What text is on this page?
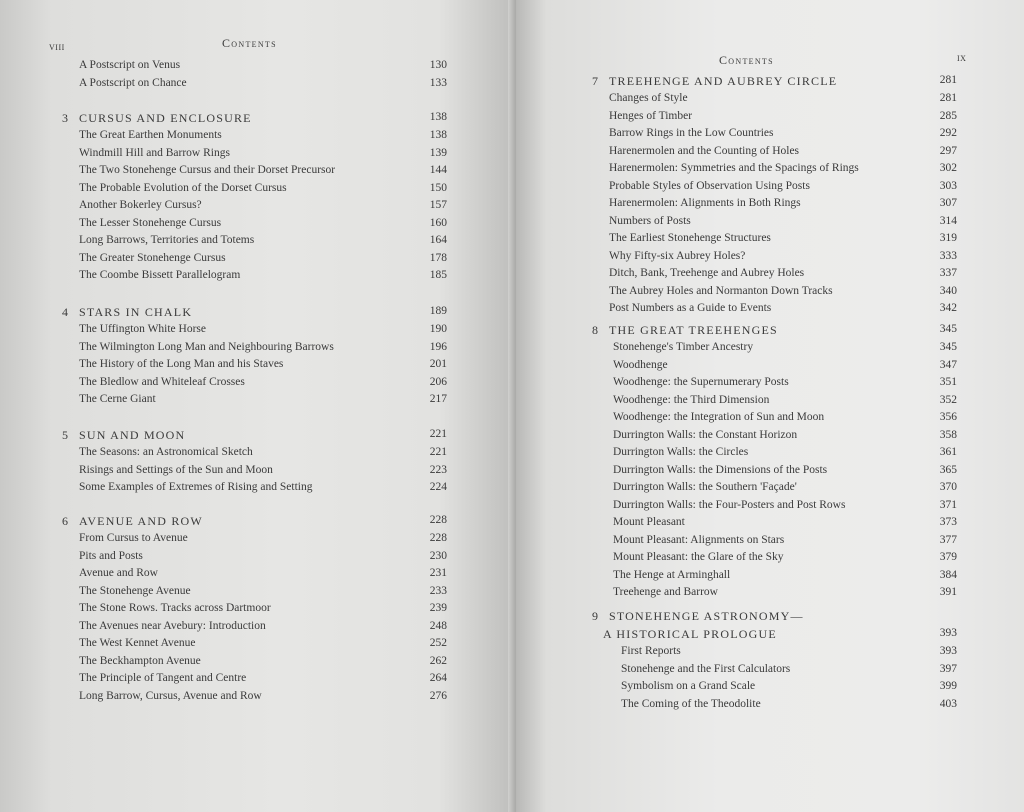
viii	Contents
A Postscript on Venus	130
A Postscript on Chance	133
3 CURSUS AND ENCLOSURE	138
The Great Earthen Monuments	138
Windmill Hill and Barrow Rings	139
The Two Stonehenge Cursus and their Dorset Precursor	144
The Probable Evolution of the Dorset Cursus	150
Another Bokerley Cursus?	157
The Lesser Stonehenge Cursus	160
Long Barrows, Territories and Totems	164
The Greater Stonehenge Cursus	178
The Coombe Bissett Parallelogram	185
4 STARS IN CHALK	189
The Uffington White Horse	190
The Wilmington Long Man and Neighbouring Barrows	196
The History of the Long Man and his Staves	201
The Bledlow and Whiteleaf Crosses	206
The Cerne Giant	217
5 SUN AND MOON	221
The Seasons: an Astronomical Sketch	221
Risings and Settings of the Sun and Moon	223
Some Examples of Extremes of Rising and Setting	224
6 AVENUE AND ROW	228
From Cursus to Avenue	228
Pits and Posts	230
Avenue and Row	231
The Stonehenge Avenue	233
The Stone Rows. Tracks across Dartmoor	239
The Avenues near Avebury: Introduction	248
The West Kennet Avenue	252
The Beckhampton Avenue	262
The Principle of Tangent and Centre	264
Long Barrow, Cursus, Avenue and Row	276
Contents	ix
7 TREEHENGE AND AUBREY CIRCLE	281
Changes of Style	281
Henges of Timber	285
Barrow Rings in the Low Countries	292
Harenermolen and the Counting of Holes	297
Harenermolen: Symmetries and the Spacings of Rings	302
Probable Styles of Observation Using Posts	303
Harenermolen: Alignments in Both Rings	307
Numbers of Posts	314
The Earliest Stonehenge Structures	319
Why Fifty-six Aubrey Holes?	333
Ditch, Bank, Treehenge and Aubrey Holes	337
The Aubrey Holes and Normanton Down Tracks	340
Post Numbers as a Guide to Events	342
8 THE GREAT TREEHENGES	345
Stonehenge's Timber Ancestry	345
Woodhenge	347
Woodhenge: the Supernumerary Posts	351
Woodhenge: the Third Dimension	352
Woodhenge: the Integration of Sun and Moon	356
Durrington Walls: the Constant Horizon	358
Durrington Walls: the Circles	361
Durrington Walls: the Dimensions of the Posts	365
Durrington Walls: the Southern 'Façade'	370
Durrington Walls: the Four-Posters and Post Rows	371
Mount Pleasant	373
Mount Pleasant: Alignments on Stars	377
Mount Pleasant: the Glare of the Sky	379
The Henge at Arminghall	384
Treehenge and Barrow	391
9 STONEHENGE ASTRONOMY—
A HISTORICAL PROLOGUE	393
First Reports	393
Stonehenge and the First Calculators	397
Symbolism on a Grand Scale	399
The Coming of the Theodolite	403
